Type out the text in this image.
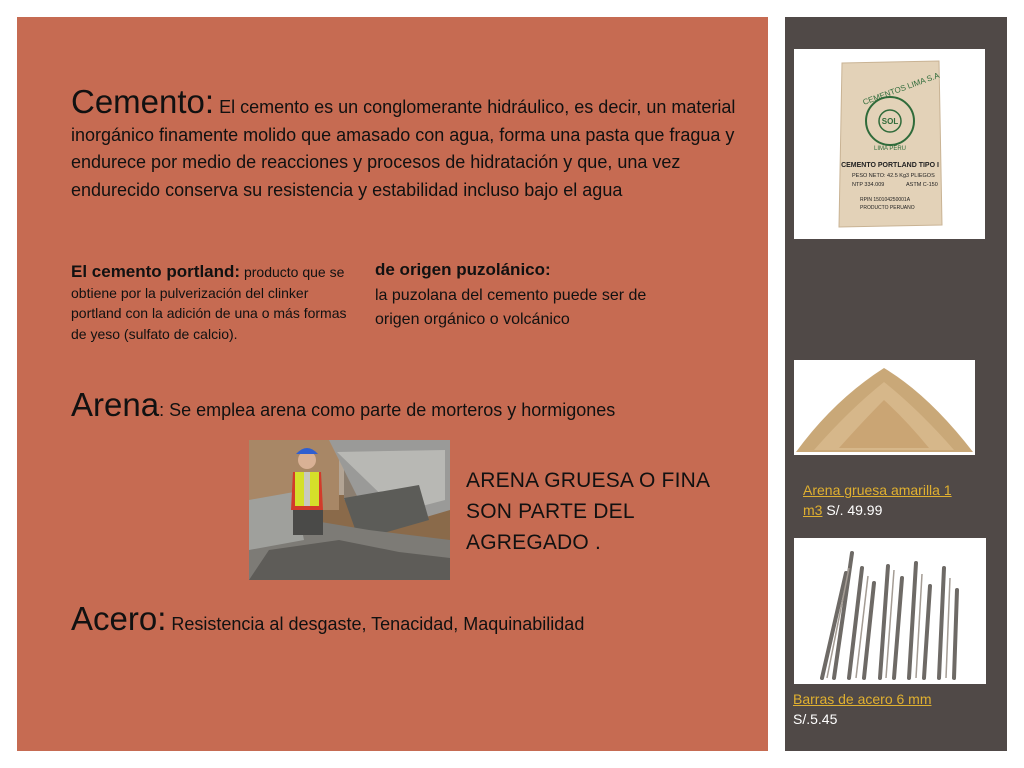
Cemento: El cemento es un conglomerante hidráulico, es decir, un material inorgánico finamente molido que amasado con agua, forma una pasta que fragua y endurece por medio de reacciones y procesos de hidratación y que, una vez endurecido conserva su resistencia y estabilidad incluso bajo el agua
El cemento portland: producto que se obtiene por la pulverización del clinker portland con la adición de una o más formas de yeso (sulfato de calcio).
de origen puzolánico:
la puzolana del cemento puede ser de origen orgánico o volcánico
Arena: Se emplea arena como parte de morteros y hormigones
ARENA GRUESA O FINA SON PARTE DEL AGREGADO .
Acero: Resistencia al desgaste, Tenacidad, Maquinabilidad
CEMENTOS LIMA S.A
SOL
LIMA PERU
CEMENTO PORTLAND TIPO I
PESO NETO: 42.5 Kg 3 PLIEGOS
NTP 334.009	ASTM C-150
RPIN 150104250001A
PRODUCTO PERUANO
Arena gruesa amarilla 1 m3 S/. 49.99
Barras de acero 6 mm
S/.5.45
